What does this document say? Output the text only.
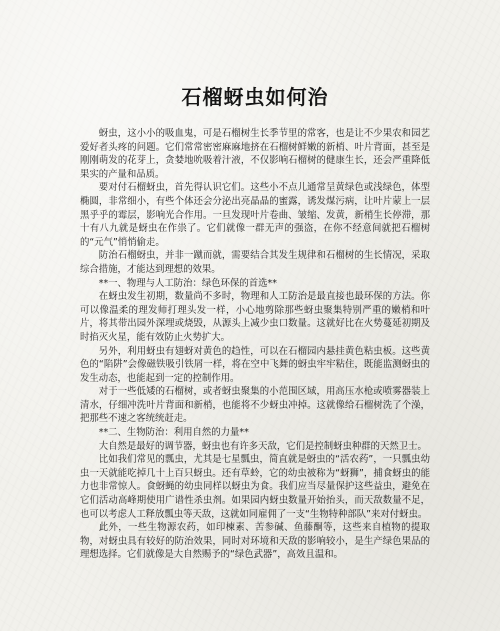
石榴蚜虫如何治

蚜虫，这小小的吸血鬼，可是石榴树生长季节里的常客，也是让不少果农和园艺爱好者头疼的问题。它们常常密密麻麻地挤在石榴树鲜嫩的新梢、叶片背面，甚至是刚刚萌发的花芽上，贪婪地吮吸着汁液，不仅影响石榴树的健康生长，还会严重降低果实的产量和品质。

要对付石榴蚜虫，首先得认识它们。这些小不点儿通常呈黄绿色或浅绿色，体型椭圆，非常细小，有些个体还会分泌出亮晶晶的蜜露，诱发煤污病，让叶片蒙上一层黑乎乎的霉层，影响光合作用。一旦发现叶片卷曲、皱缩、发黄，新梢生长停滞，那十有八九就是蚜虫在作祟了。它们就像一群无声的强盗，在你不经意间就把石榴树的“元气”悄悄偷走。

防治石榴蚜虫，并非一蹴而就，需要结合其发生规律和石榴树的生长情况，采取综合措施，才能达到理想的效果。

**一、物理与人工防治：绿色环保的首选**

在蚜虫发生初期，数量尚不多时，物理和人工防治是最直接也最环保的方法。你可以像温柔的理发师打理头发一样，小心地剪除那些蚜虫聚集特别严重的嫩梢和叶片，将其带出园外深埋或烧毁，从源头上减少虫口数量。这就好比在火势蔓延初期及时掐灭火星，能有效防止火势扩大。

另外，利用蚜虫有翅蚜对黄色的趋性，可以在石榴园内悬挂黄色粘虫板。这些黄色的“陷阱”会像磁铁吸引铁屑一样，将在空中飞舞的蚜虫牢牢粘住，既能监测蚜虫的发生动态，也能起到一定的控制作用。

对于一些低矮的石榴树，或者蚜虫聚集的小范围区域，用高压水枪或喷雾器装上清水，仔细冲洗叶片背面和新梢，也能将不少蚜虫冲掉。这就像给石榴树洗了个澡，把那些不速之客统统赶走。

**二、生物防治：利用自然的力量**

大自然是最好的调节器，蚜虫也有许多天敌，它们是控制蚜虫种群的天然卫士。

比如我们常见的瓢虫，尤其是七星瓢虫，简直就是蚜虫的“活农药”，一只瓢虫幼虫一天就能吃掉几十上百只蚜虫。还有草蛉，它的幼虫被称为“蚜狮”，捕食蚜虫的能力也非常惊人。食蚜蝇的幼虫同样以蚜虫为食。我们应当尽量保护这些益虫，避免在它们活动高峰期使用广谱性杀虫剂。如果园内蚜虫数量开始抬头，而天敌数量不足，也可以考虑人工释放瓢虫等天敌，这就如同雇佣了一支“生物特种部队”来对付蚜虫。

此外，一些生物源农药，如印楝素、苦参碱、鱼藤酮等，这些来自植物的提取物，对蚜虫具有较好的防治效果，同时对环境和天敌的影响较小，是生产绿色果品的理想选择。它们就像是大自然赐予的“绿色武器”，高效且温和。
